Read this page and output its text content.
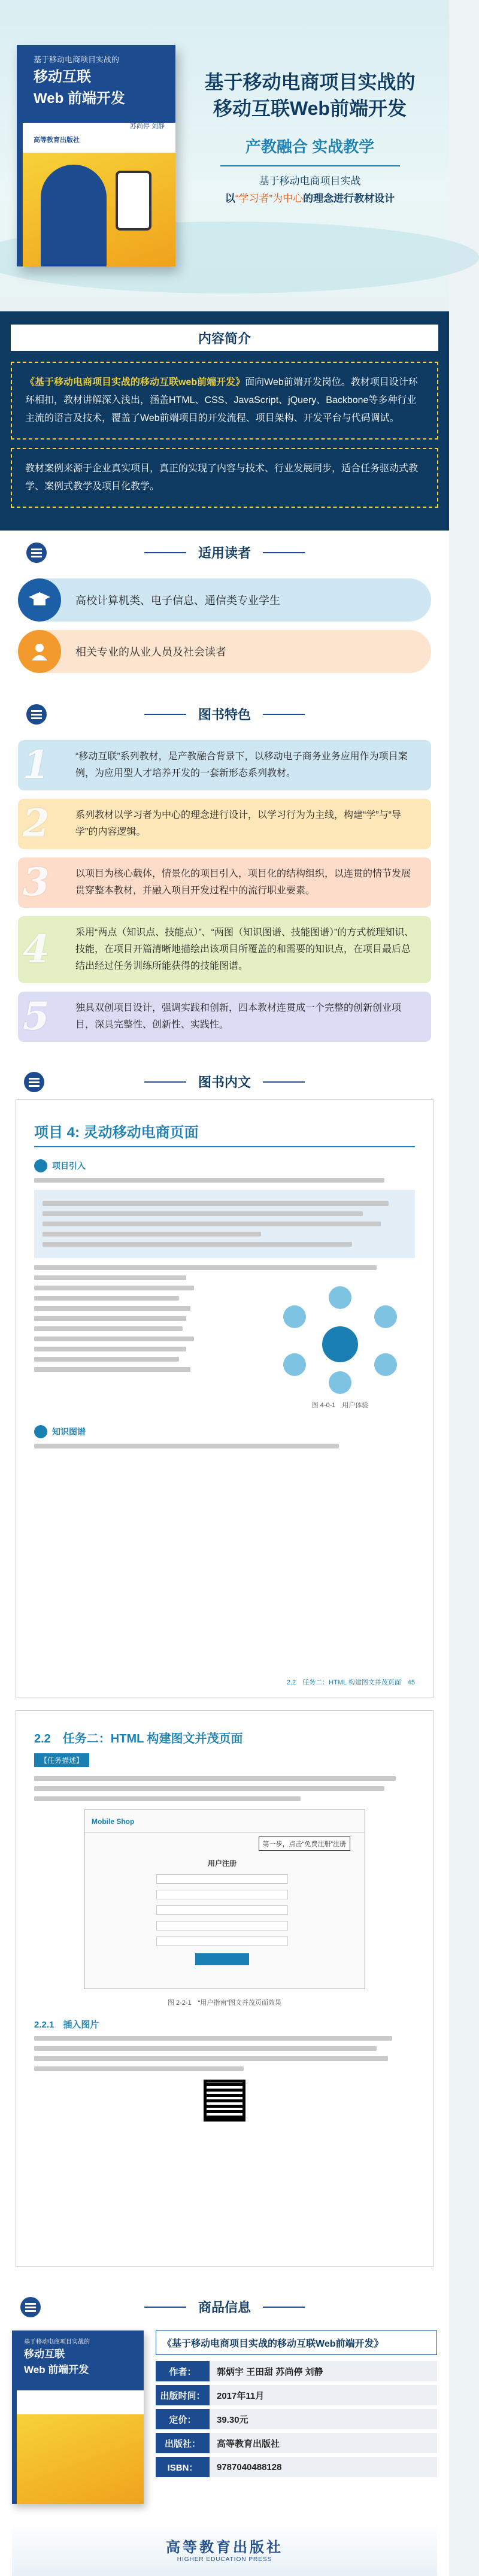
基于移动电商项目实战的
移动互联
Web 前端开发
郭炳宇 王田甜
苏尚停 刘静
高等教育出版社
基于移动电商项目实战的
移动互联Web前端开发
产教融合 实战教学
基于移动电商项目实战
以“学习者”为中心的理念进行教材设计
内容简介
《基于移动电商项目实战的移动互联web前端开发》面向Web前端开发岗位。教材项目设计环环相扣，教材讲解深入浅出，涵盖HTML、CSS、JavaScript、jQuery、Backbone等多种行业主流的语言及技术，覆盖了Web前端项目的开发流程、项目架构、开发平台与代码调试。
教材案例来源于企业真实项目，真正的实现了内容与技术、行业发展同步，适合任务驱动式教学、案例式教学及项目化教学。
适用读者
高校计算机类、电子信息、通信类专业学生
相关专业的从业人员及社会读者
图书特色
1	“移动互联”系列教材，是产教融合背景下，以移动电子商务业务应用作为项目案例，为应用型人才培养开发的一套新形态系列教材。
2	系列教材以学习者为中心的理念进行设计，以学习行为为主线，构建“学”与“导学”的内容逻辑。
3	以项目为核心载体，情景化的项目引入，项目化的结构组织，以连贯的情节发展贯穿整本教材，并融入项目开发过程中的流行职业要素。
4	采用“两点（知识点、技能点）”、“两图（知识图谱、技能图谱）”的方式梳理知识、技能，在项目开篇清晰地描绘出该项目所覆盖的和需要的知识点，在项目最后总结出经过任务训练所能获得的技能图谱。
5	独具双创项目设计，强调实践和创新，四本教材连贯成一个完整的创新创业项目，深具完整性、创新性、实践性。
图书内文
项目 4: 灵动移动电商页面
项目引入
图 4-0-1　用户体验
知识图谱
2.2　任务二：HTML 构建图文并茂页面　45
2.2　任务二：HTML 构建图文并茂页面
【任务描述】
Mobile Shop
第一步，点击“免费注册”注册
用户注册
图 2-2-1　“用户指南”图文并茂页面效果
2.2.1　插入图片
商品信息
基于移动电商项目实战的
移动互联
Web 前端开发
《基于移动电商项目实战的移动互联Web前端开发》
作者：	郭炳宇 王田甜 苏尚停 刘静
出版时间：	2017年11月
定价：	39.30元
出版社：	高等教育出版社
ISBN：	9787040488128
高等教育出版社
HIGHER EDUCATION PRESS
